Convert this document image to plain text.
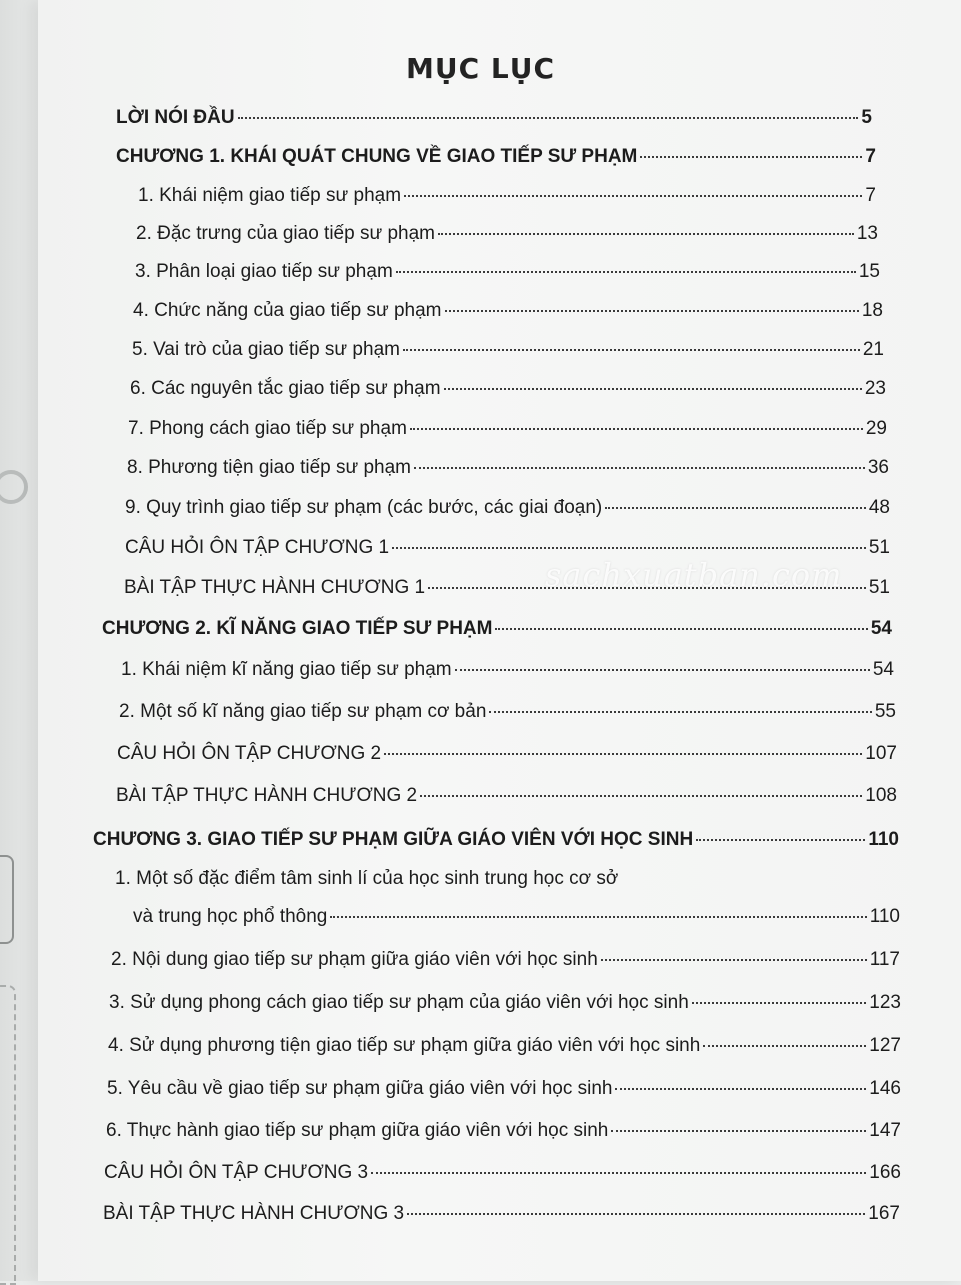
MỤC LỤC
LỜI NÓI ĐẦU	5
CHƯƠNG 1. KHÁI QUÁT CHUNG VỀ GIAO TIẾP SƯ PHẠM	7
1. Khái niệm giao tiếp sư phạm	7
2. Đặc trưng của giao tiếp sư phạm	13
3. Phân loại giao tiếp sư phạm	15
4. Chức năng của giao tiếp sư phạm	18
5. Vai trò của giao tiếp sư phạm	21
6. Các nguyên tắc giao tiếp sư phạm	23
7. Phong cách giao tiếp sư phạm	29
8. Phương tiện giao tiếp sư phạm	36
9. Quy trình giao tiếp sư phạm (các bước, các giai đoạn)	48
CÂU HỎI ÔN TẬP CHƯƠNG 1	51
BÀI TẬP THỰC HÀNH CHƯƠNG 1	51
CHƯƠNG 2. KĨ NĂNG GIAO TIẾP SƯ PHẠM	54
1. Khái niệm kĩ năng giao tiếp sư phạm	54
2. Một số kĩ năng giao tiếp sư phạm cơ bản	55
CÂU HỎI ÔN TẬP CHƯƠNG 2	107
BÀI TẬP THỰC HÀNH CHƯƠNG 2	108
CHƯƠNG 3. GIAO TIẾP SƯ PHẠM GIỮA GIÁO VIÊN VỚI HỌC SINH	110
1. Một số đặc điểm tâm sinh lí của học sinh trung học cơ sở
và trung học phổ thông	110
2. Nội dung giao tiếp sư phạm giữa giáo viên với học sinh	117
3. Sử dụng phong cách giao tiếp sư phạm của giáo viên với học sinh	123
4. Sử dụng phương tiện giao tiếp sư phạm giữa giáo viên với học sinh	127
5. Yêu cầu về giao tiếp sư phạm giữa giáo viên với học sinh	146
6. Thực hành giao tiếp sư phạm giữa giáo viên với học sinh	147
CÂU HỎI ÔN TẬP CHƯƠNG 3	166
BÀI TẬP THỰC HÀNH CHƯƠNG 3	167
sachxuatban.com
